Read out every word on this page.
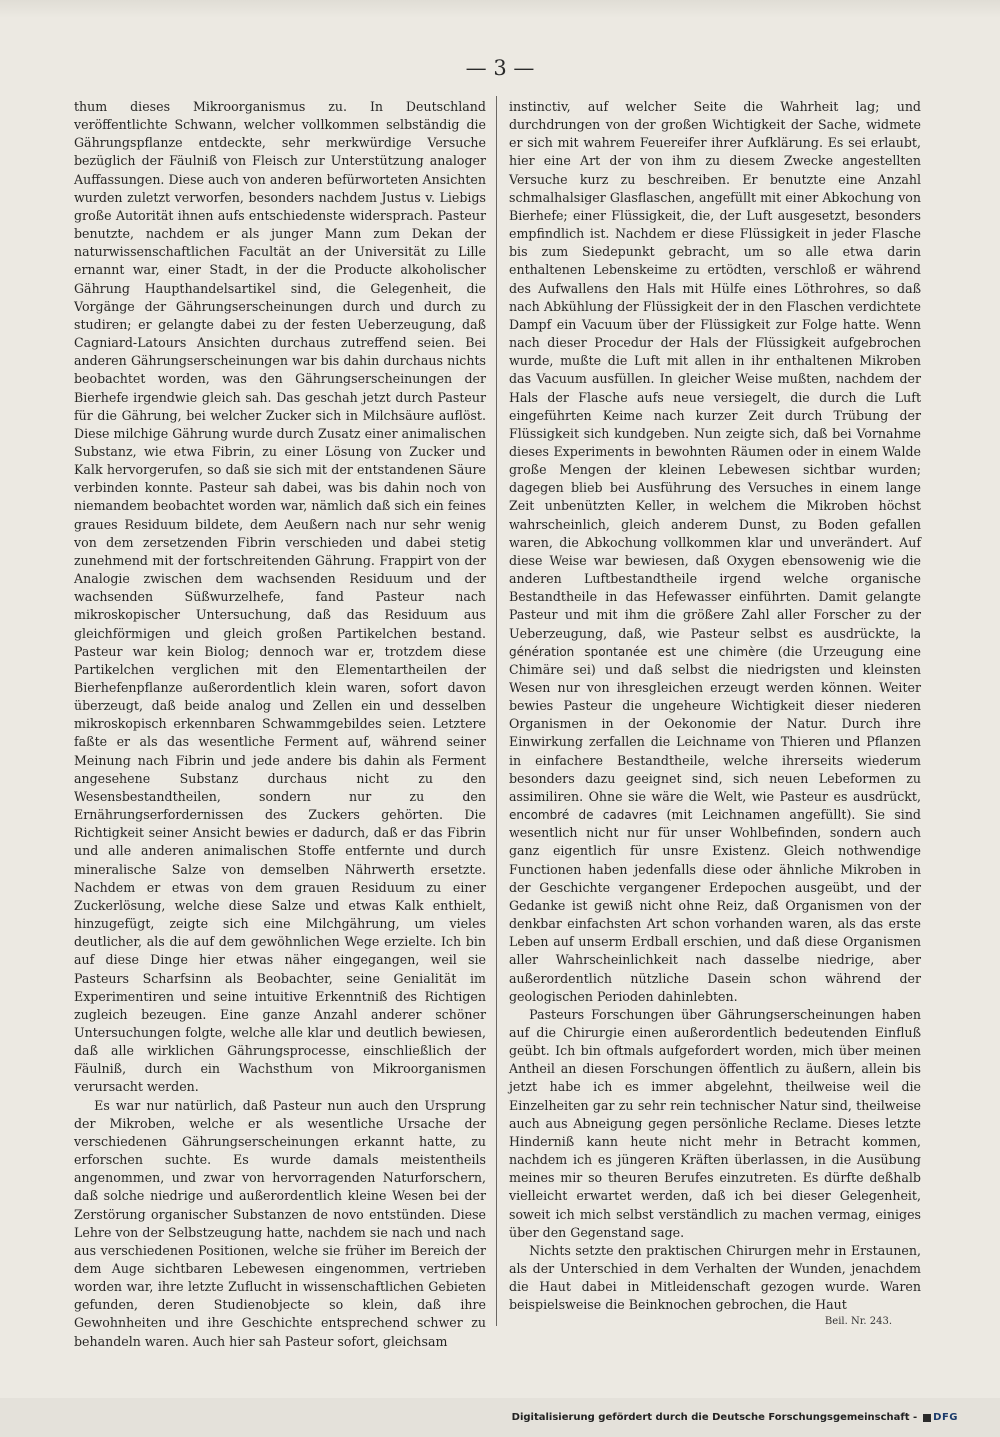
— 3 —

thum dieses Mikroorganismus zu. In Deutschland veröffentlichte Schwann, welcher vollkommen selbständig die Gährungspflanze entdeckte, sehr merkwürdige Versuche bezüglich der Fäulniß von Fleisch zur Unterstützung analoger Auffassungen. Diese auch von anderen befürworteten Ansichten wurden zuletzt verworfen, besonders nachdem Justus v. Liebigs große Autorität ihnen aufs entschiedenste widersprach. Pasteur benutzte, nachdem er als junger Mann zum Dekan der naturwissenschaftlichen Facultät an der Universität zu Lille ernannt war, einer Stadt, in der die Producte alkoholischer Gährung Haupthandelsartikel sind, die Gelegenheit, die Vorgänge der Gährungserscheinungen durch und durch zu studiren; er gelangte dabei zu der festen Ueberzeugung, daß Cagniard-Latours Ansichten durchaus zutreffend seien. Bei anderen Gährungserscheinungen war bis dahin durchaus nichts beobachtet worden, was den Gährungserscheinungen der Bierhefe irgendwie gleich sah. Das geschah jetzt durch Pasteur für die Gährung, bei welcher Zucker sich in Milchsäure auflöst. Diese milchige Gährung wurde durch Zusatz einer animalischen Substanz, wie etwa Fibrin, zu einer Lösung von Zucker und Kalk hervorgerufen, so daß sie sich mit der entstandenen Säure verbinden konnte. Pasteur sah dabei, was bis dahin noch von niemandem beobachtet worden war, nämlich daß sich ein feines graues Residuum bildete, dem Aeußern nach nur sehr wenig von dem zersetzenden Fibrin verschieden und dabei stetig zunehmend mit der fortschreitenden Gährung. Frappirt von der Analogie zwischen dem wachsenden Residuum und der wachsenden Süßwurzelhefe, fand Pasteur nach mikroskopischer Untersuchung, daß das Residuum aus gleichförmigen und gleich großen Partikelchen bestand. Pasteur war kein Biolog; dennoch war er, trotzdem diese Partikelchen verglichen mit den Elementartheilen der Bierhefenpflanze außerordentlich klein waren, sofort davon überzeugt, daß beide analog und Zellen ein und desselben mikroskopisch erkennbaren Schwammgebildes seien. Letztere faßte er als das wesentliche Ferment auf, während seiner Meinung nach Fibrin und jede andere bis dahin als Ferment angesehene Substanz durchaus nicht zu den Wesensbestandtheilen, sondern nur zu den Ernährungserfordernissen des Zuckers gehörten. Die Richtigkeit seiner Ansicht bewies er dadurch, daß er das Fibrin und alle anderen animalischen Stoffe entfernte und durch mineralische Salze von demselben Nährwerth ersetzte. Nachdem er etwas von dem grauen Residuum zu einer Zuckerlösung, welche diese Salze und etwas Kalk enthielt, hinzugefügt, zeigte sich eine Milchgährung, um vieles deutlicher, als die auf dem gewöhnlichen Wege erzielte. Ich bin auf diese Dinge hier etwas näher eingegangen, weil sie Pasteurs Scharfsinn als Beobachter, seine Genialität im Experimentiren und seine intuitive Erkenntniß des Richtigen zugleich bezeugen. Eine ganze Anzahl anderer schöner Untersuchungen folgte, welche alle klar und deutlich bewiesen, daß alle wirklichen Gährungsprocesse, einschließlich der Fäulniß, durch ein Wachsthum von Mikroorganismen verursacht werden.

Es war nur natürlich, daß Pasteur nun auch den Ursprung der Mikroben, welche er als wesentliche Ursache der verschiedenen Gährungserscheinungen erkannt hatte, zu erforschen suchte. Es wurde damals meistentheils angenommen, und zwar von hervorragenden Naturforschern, daß solche niedrige und außerordentlich kleine Wesen bei der Zerstörung organischer Substanzen de novo entstünden. Diese Lehre von der Selbstzeugung hatte, nachdem sie nach und nach aus verschiedenen Positionen, welche sie früher im Bereich der dem Auge sichtbaren Lebewesen eingenommen, vertrieben worden war, ihre letzte Zuflucht in wissenschaftlichen Gebieten gefunden, deren Studienobjecte so klein, daß ihre Gewohnheiten und ihre Geschichte entsprechend schwer zu behandeln waren. Auch hier sah Pasteur sofort, gleichsam

instinctiv, auf welcher Seite die Wahrheit lag; und durchdrungen von der großen Wichtigkeit der Sache, widmete er sich mit wahrem Feuereifer ihrer Aufklärung. Es sei erlaubt, hier eine Art der von ihm zu diesem Zwecke angestellten Versuche kurz zu beschreiben. Er benutzte eine Anzahl schmalhalsiger Glasflaschen, angefüllt mit einer Abkochung von Bierhefe; einer Flüssigkeit, die, der Luft ausgesetzt, besonders empfindlich ist. Nachdem er diese Flüssigkeit in jeder Flasche bis zum Siedepunkt gebracht, um so alle etwa darin enthaltenen Lebenskeime zu ertödten, verschloß er während des Aufwallens den Hals mit Hülfe eines Löthrohres, so daß nach Abkühlung der Flüssigkeit der in den Flaschen verdichtete Dampf ein Vacuum über der Flüssigkeit zur Folge hatte. Wenn nach dieser Procedur der Hals der Flüssigkeit aufgebrochen wurde, mußte die Luft mit allen in ihr enthaltenen Mikroben das Vacuum ausfüllen. In gleicher Weise mußten, nachdem der Hals der Flasche aufs neue versiegelt, die durch die Luft eingeführten Keime nach kurzer Zeit durch Trübung der Flüssigkeit sich kundgeben. Nun zeigte sich, daß bei Vornahme dieses Experiments in bewohnten Räumen oder in einem Walde große Mengen der kleinen Lebewesen sichtbar wurden; dagegen blieb bei Ausführung des Versuches in einem lange Zeit unbenützten Keller, in welchem die Mikroben höchst wahrscheinlich, gleich anderem Dunst, zu Boden gefallen waren, die Abkochung vollkommen klar und unverändert. Auf diese Weise war bewiesen, daß Oxygen ebensowenig wie die anderen Luftbestandtheile irgend welche organische Bestandtheile in das Hefewasser einführten. Damit gelangte Pasteur und mit ihm die größere Zahl aller Forscher zu der Ueberzeugung, daß, wie Pasteur selbst es ausdrückte, la génération spontanée est une chimère (die Urzeugung eine Chimäre sei) und daß selbst die niedrigsten und kleinsten Wesen nur von ihresgleichen erzeugt werden können. Weiter bewies Pasteur die ungeheure Wichtigkeit dieser niederen Organismen in der Oekonomie der Natur. Durch ihre Einwirkung zerfallen die Leichname von Thieren und Pflanzen in einfachere Bestandtheile, welche ihrerseits wiederum besonders dazu geeignet sind, sich neuen Lebeformen zu assimiliren. Ohne sie wäre die Welt, wie Pasteur es ausdrückt, encombré de cadavres (mit Leichnamen angefüllt). Sie sind wesentlich nicht nur für unser Wohlbefinden, sondern auch ganz eigentlich für unsre Existenz. Gleich nothwendige Functionen haben jedenfalls diese oder ähnliche Mikroben in der Geschichte vergangener Erdepochen ausgeübt, und der Gedanke ist gewiß nicht ohne Reiz, daß Organismen von der denkbar einfachsten Art schon vorhanden waren, als das erste Leben auf unserm Erdball erschien, und daß diese Organismen aller Wahrscheinlichkeit nach dasselbe niedrige, aber außerordentlich nützliche Dasein schon während der geologischen Perioden dahinlebten.

Pasteurs Forschungen über Gährungserscheinungen haben auf die Chirurgie einen außerordentlich bedeutenden Einfluß geübt. Ich bin oftmals aufgefordert worden, mich über meinen Antheil an diesen Forschungen öffentlich zu äußern, allein bis jetzt habe ich es immer abgelehnt, theilweise weil die Einzelheiten gar zu sehr rein technischer Natur sind, theilweise auch aus Abneigung gegen persönliche Reclame. Dieses letzte Hinderniß kann heute nicht mehr in Betracht kommen, nachdem ich es jüngeren Kräften überlassen, in die Ausübung meines mir so theuren Berufes einzutreten. Es dürfte deßhalb vielleicht erwartet werden, daß ich bei dieser Gelegenheit, soweit ich mich selbst verständlich zu machen vermag, einiges über den Gegenstand sage.

Nichts setzte den praktischen Chirurgen mehr in Erstaunen, als der Unterschied in dem Verhalten der Wunden, jenachdem die Haut dabei in Mitleidenschaft gezogen wurde. Waren beispielsweise die Beinknochen gebrochen, die Haut

Beil. Nr. 243.
Digitalisierung gefördert durch die Deutsche Forschungsgemeinschaft - DFG
